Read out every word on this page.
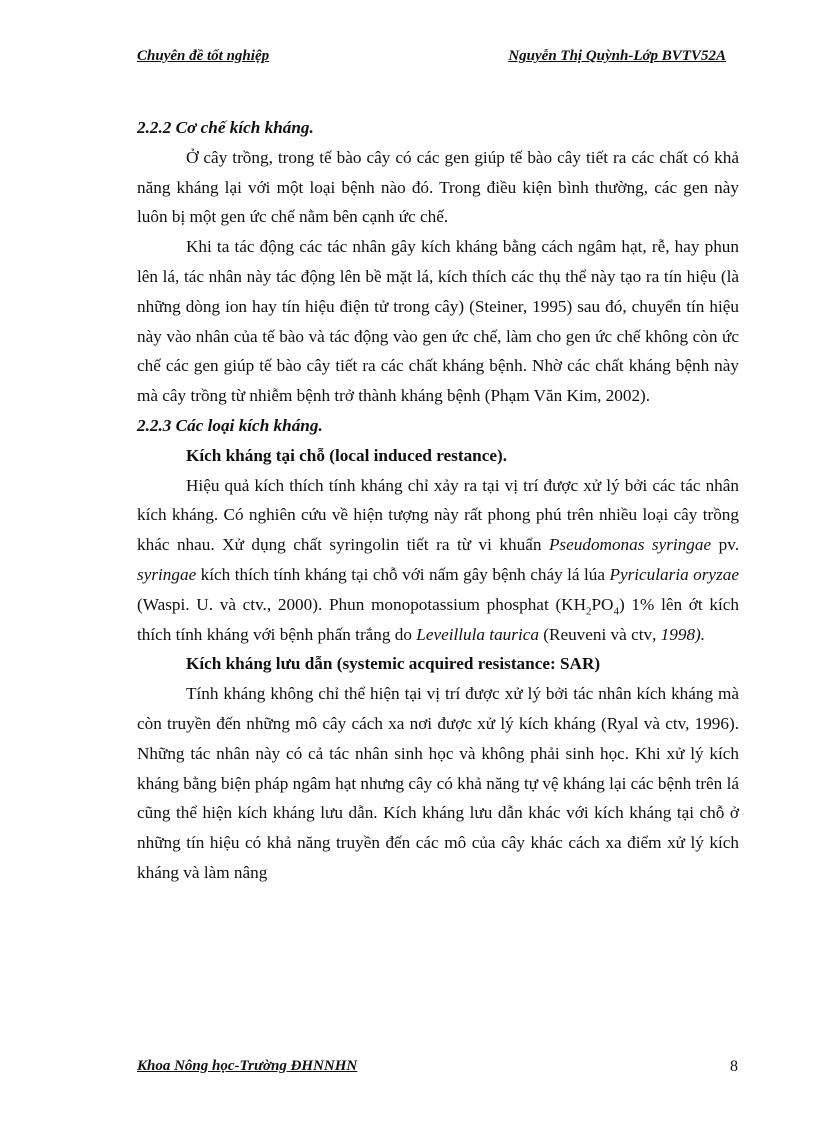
Chuyên đề tốt nghiệp	Nguyễn Thị Quỳnh-Lớp BVTV52A

2.2.2 Cơ chế kích kháng.

Ở cây trồng, trong tế bào cây có các gen giúp tế bào cây tiết ra các chất có khả năng kháng lại với một loại bệnh nào đó. Trong điều kiện bình thường, các gen này luôn bị một gen ức chế nằm bên cạnh ức chế.

Khi ta tác động các tác nhân gây kích kháng bằng cách ngâm hạt, rễ, hay phun lên lá, tác nhân này tác động lên bề mặt lá, kích thích các thụ thể này tạo ra tín hiệu (là những dòng ion hay tín hiệu điện tử trong cây) (Steiner, 1995) sau đó, chuyển tín hiệu này vào nhân của tế bào và tác động vào gen ức chế, làm cho gen ức chế không còn ức chế các gen giúp tế bào cây tiết ra các chất kháng bệnh. Nhờ các chất kháng bệnh này mà cây trồng từ nhiễm bệnh trở thành kháng bệnh (Phạm Văn Kim, 2002).

2.2.3 Các loại kích kháng.

Kích kháng tại chỗ (local induced restance).

Hiệu quả kích thích tính kháng chỉ xảy ra tại vị trí được xử lý bởi các tác nhân kích kháng. Có nghiên cứu về hiện tượng này rất phong phú trên nhiều loại cây trồng khác nhau. Xử dụng chất syringolin tiết ra từ vi khuẩn Pseudomonas syringae pv. syringae kích thích tính kháng tại chỗ với nấm gây bệnh cháy lá lúa Pyricularia oryzae (Waspi. U. và ctv., 2000). Phun monopotassium phosphat $(KH_2PO_4)$ 1% lên ớt kích thích tính kháng với bệnh phấn trắng do Leveillula taurica (Reuveni và ctv, 1998).

Kích kháng lưu dẫn (systemic acquired resistance: SAR)

Tính kháng không chỉ thể hiện tại vị trí được xử lý bởi tác nhân kích kháng mà còn truyền đến những mô cây cách xa nơi được xử lý kích kháng (Ryal và ctv, 1996). Những tác nhân này có cả tác nhân sinh học và không phải sinh học. Khi xử lý kích kháng bằng biện pháp ngâm hạt nhưng cây có khả năng tự vệ kháng lại các bệnh trên lá cũng thể hiện kích kháng lưu dẫn. Kích kháng lưu dẫn khác với kích kháng tại chỗ ở những tín hiệu có khả năng truyền đến các mô của cây khác cách xa điểm xử lý kích kháng và làm nâng

Khoa Nông học-Trường ĐHNNHN	8
